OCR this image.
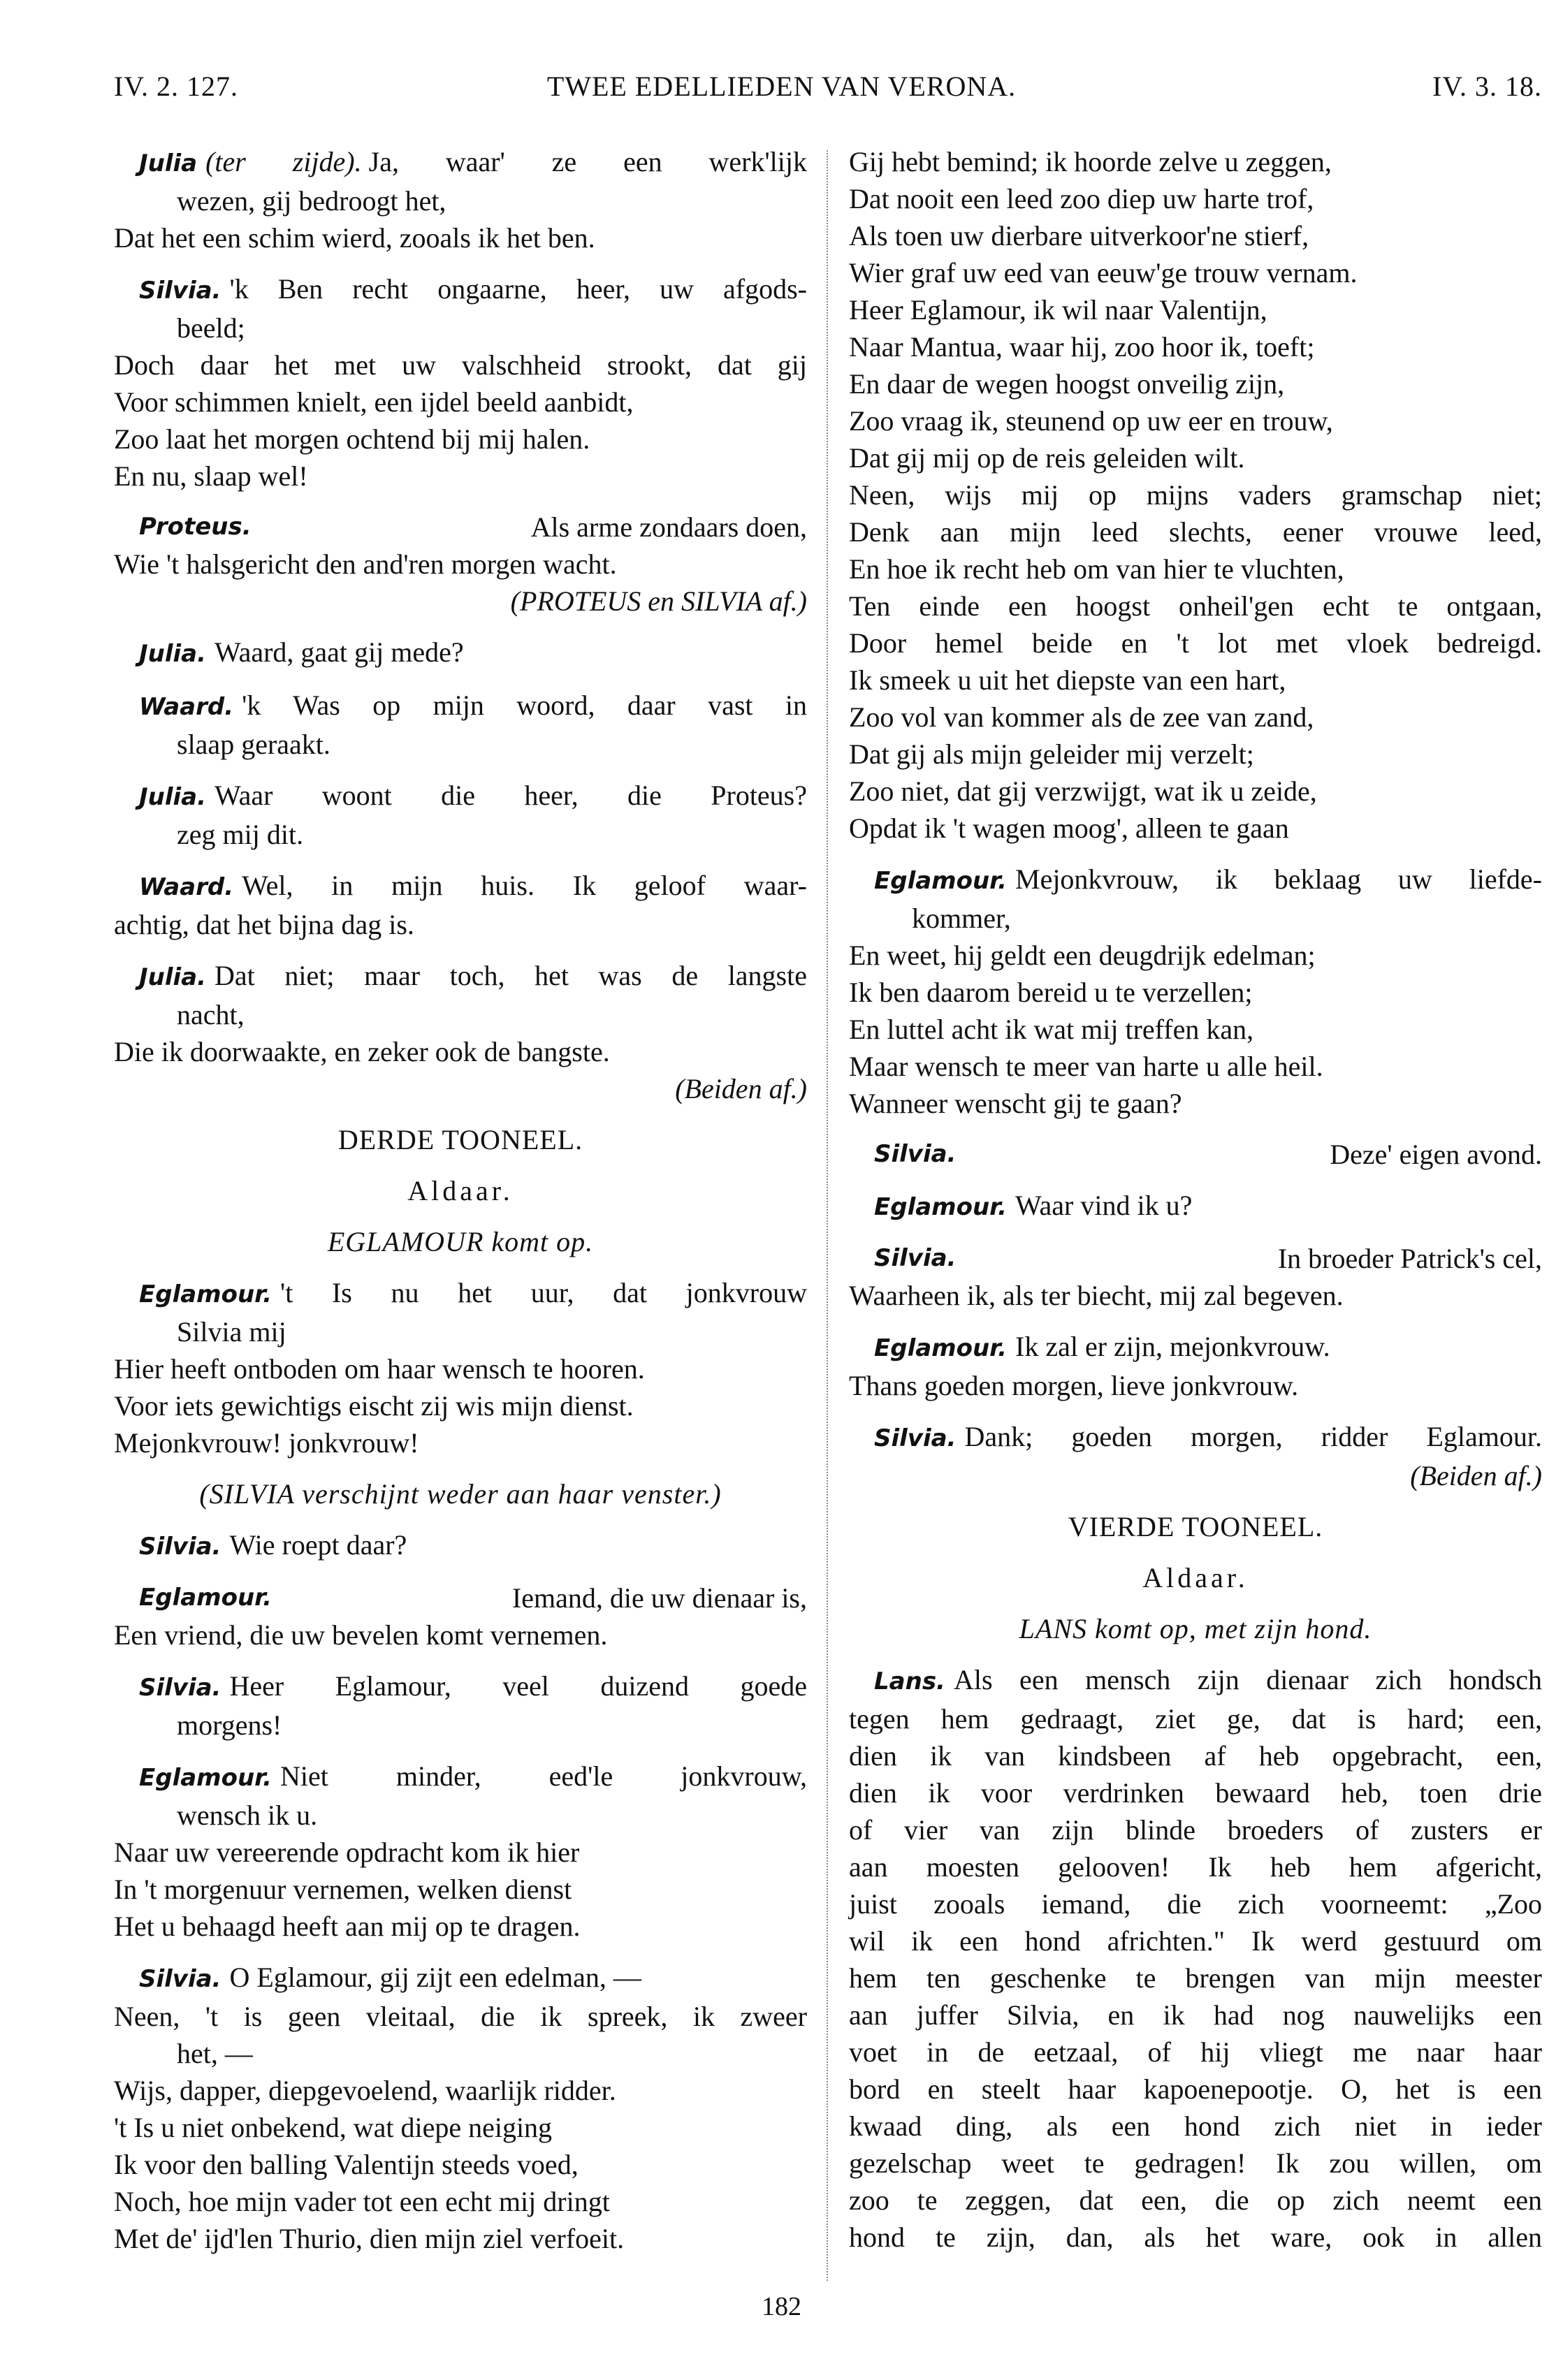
IV. 2. 127.	TWEE EDELLIEDEN VAN VERONA.	IV. 3. 18.
Julia (ter zijde). Ja, waar' ze een werk'lijk
wezen, gij bedroogt het,
Dat het een schim wierd, zooals ik het ben.
Silvia. 'k Ben recht ongaarne, heer, uw afgods-
beeld;
Doch daar het met uw valschheid strookt, dat gij
Voor schimmen knielt, een ijdel beeld aanbidt,
Zoo laat het morgen ochtend bij mij halen.
En nu, slaap wel!
Proteus.	Als arme zondaars doen,
Wie 't halsgericht den and'ren morgen wacht.
(PROTEUS en SILVIA af.)
Julia. Waard, gaat gij mede?
Waard. 'k Was op mijn woord, daar vast in
slaap geraakt.
Julia. Waar woont die heer, die Proteus?
zeg mij dit.
Waard. Wel, in mijn huis. Ik geloof waar-
achtig, dat het bijna dag is.
Julia. Dat niet; maar toch, het was de langste
nacht,
Die ik doorwaakte, en zeker ook de bangste.
(Beiden af.)
DERDE TOONEEL.
Aldaar.
EGLAMOUR komt op.
Eglamour. 't Is nu het uur, dat jonkvrouw
Silvia mij
Hier heeft ontboden om haar wensch te hooren.
Voor iets gewichtigs eischt zij wis mijn dienst.
Mejonkvrouw! jonkvrouw!
(SILVIA verschijnt weder aan haar venster.)
Silvia. Wie roept daar?
Eglamour.	Iemand, die uw dienaar is,
Een vriend, die uw bevelen komt vernemen.
Silvia. Heer Eglamour, veel duizend goede
morgens!
Eglamour. Niet minder, eed'le jonkvrouw,
wensch ik u.
Naar uw vereerende opdracht kom ik hier
In 't morgenuur vernemen, welken dienst
Het u behaagd heeft aan mij op te dragen.
Silvia. O Eglamour, gij zijt een edelman, —
Neen, 't is geen vleitaal, die ik spreek, ik zweer
het, —
Wijs, dapper, diepgevoelend, waarlijk ridder.
't Is u niet onbekend, wat diepe neiging
Ik voor den balling Valentijn steeds voed,
Noch, hoe mijn vader tot een echt mij dringt
Met de' ijd'len Thurio, dien mijn ziel verfoeit.
Gij hebt bemind; ik hoorde zelve u zeggen,
Dat nooit een leed zoo diep uw harte trof,
Als toen uw dierbare uitverkoor'ne stierf,
Wier graf uw eed van eeuw'ge trouw vernam.
Heer Eglamour, ik wil naar Valentijn,
Naar Mantua, waar hij, zoo hoor ik, toeft;
En daar de wegen hoogst onveilig zijn,
Zoo vraag ik, steunend op uw eer en trouw,
Dat gij mij op de reis geleiden wilt.
Neen, wijs mij op mijns vaders gramschap niet;
Denk aan mijn leed slechts, eener vrouwe leed,
En hoe ik recht heb om van hier te vluchten,
Ten einde een hoogst onheil'gen echt te ontgaan,
Door hemel beide en 't lot met vloek bedreigd.
Ik smeek u uit het diepste van een hart,
Zoo vol van kommer als de zee van zand,
Dat gij als mijn geleider mij verzelt;
Zoo niet, dat gij verzwijgt, wat ik u zeide,
Opdat ik 't wagen moog', alleen te gaan
Eglamour. Mejonkvrouw, ik beklaag uw liefde-
kommer,
En weet, hij geldt een deugdrijk edelman;
Ik ben daarom bereid u te verzellen;
En luttel acht ik wat mij treffen kan,
Maar wensch te meer van harte u alle heil.
Wanneer wenscht gij te gaan?
Silvia.	Deze' eigen avond.
Eglamour. Waar vind ik u?
Silvia.	In broeder Patrick's cel,
Waarheen ik, als ter biecht, mij zal begeven.
Eglamour. Ik zal er zijn, mejonkvrouw.
Thans goeden morgen, lieve jonkvrouw.
Silvia. Dank; goeden morgen, ridder Eglamour.
(Beiden af.)
VIERDE TOONEEL.
Aldaar.
LANS komt op, met zijn hond.
Lans. Als een mensch zijn dienaar zich hondsch
tegen hem gedraagt, ziet ge, dat is hard; een,
dien ik van kindsbeen af heb opgebracht, een,
dien ik voor verdrinken bewaard heb, toen drie
of vier van zijn blinde broeders of zusters er
aan moesten gelooven! Ik heb hem afgericht,
juist zooals iemand, die zich voorneemt: „Zoo
wil ik een hond africhten." Ik werd gestuurd om
hem ten geschenke te brengen van mijn meester
aan juffer Silvia, en ik had nog nauwelijks een
voet in de eetzaal, of hij vliegt me naar haar
bord en steelt haar kapoenepootje. O, het is een
kwaad ding, als een hond zich niet in ieder
gezelschap weet te gedragen! Ik zou willen, om
zoo te zeggen, dat een, die op zich neemt een
hond te zijn, dan, als het ware, ook in allen
182
